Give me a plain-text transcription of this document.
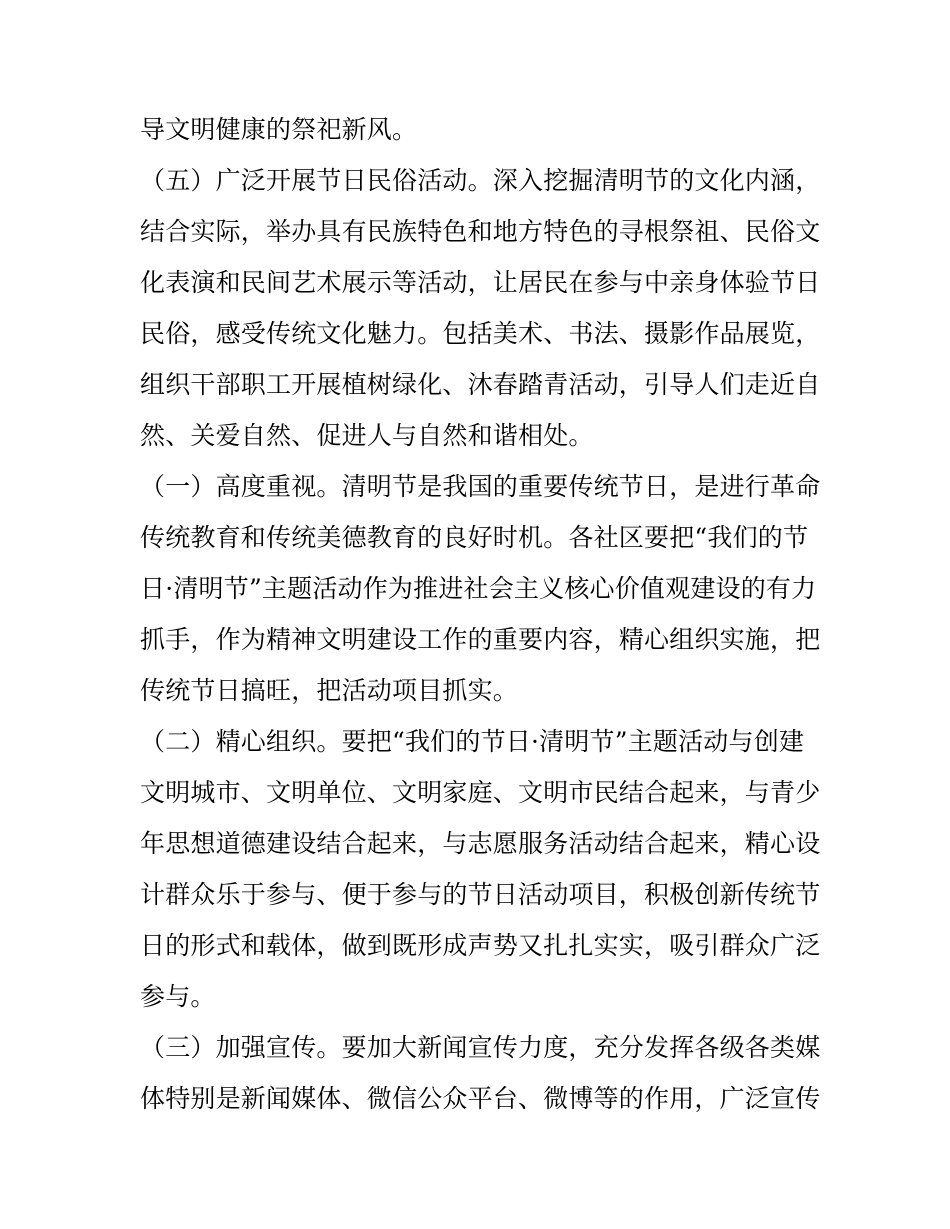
导文明健康的祭祀新风。
（五）广泛开展节日民俗活动。深入挖掘清明节的文化内涵，
结合实际，举办具有民族特色和地方特色的寻根祭祖、民俗文
化表演和民间艺术展示等活动，让居民在参与中亲身体验节日
民俗，感受传统文化魅力。包括美术、书法、摄影作品展览，
组织干部职工开展植树绿化、沐春踏青活动，引导人们走近自
然、关爱自然、促进人与自然和谐相处。
（一）高度重视。清明节是我国的重要传统节日，是进行革命
传统教育和传统美德教育的良好时机。各社区要把“我们的节
日·清明节”主题活动作为推进社会主义核心价值观建设的有力
抓手，作为精神文明建设工作的重要内容，精心组织实施，把
传统节日搞旺，把活动项目抓实。
（二）精心组织。要把“我们的节日·清明节”主题活动与创建
文明城市、文明单位、文明家庭、文明市民结合起来，与青少
年思想道德建设结合起来，与志愿服务活动结合起来，精心设
计群众乐于参与、便于参与的节日活动项目，积极创新传统节
日的形式和载体，做到既形成声势又扎扎实实，吸引群众广泛
参与。
（三）加强宣传。要加大新闻宣传力度，充分发挥各级各类媒
体特别是新闻媒体、微信公众平台、微博等的作用，广泛宣传
